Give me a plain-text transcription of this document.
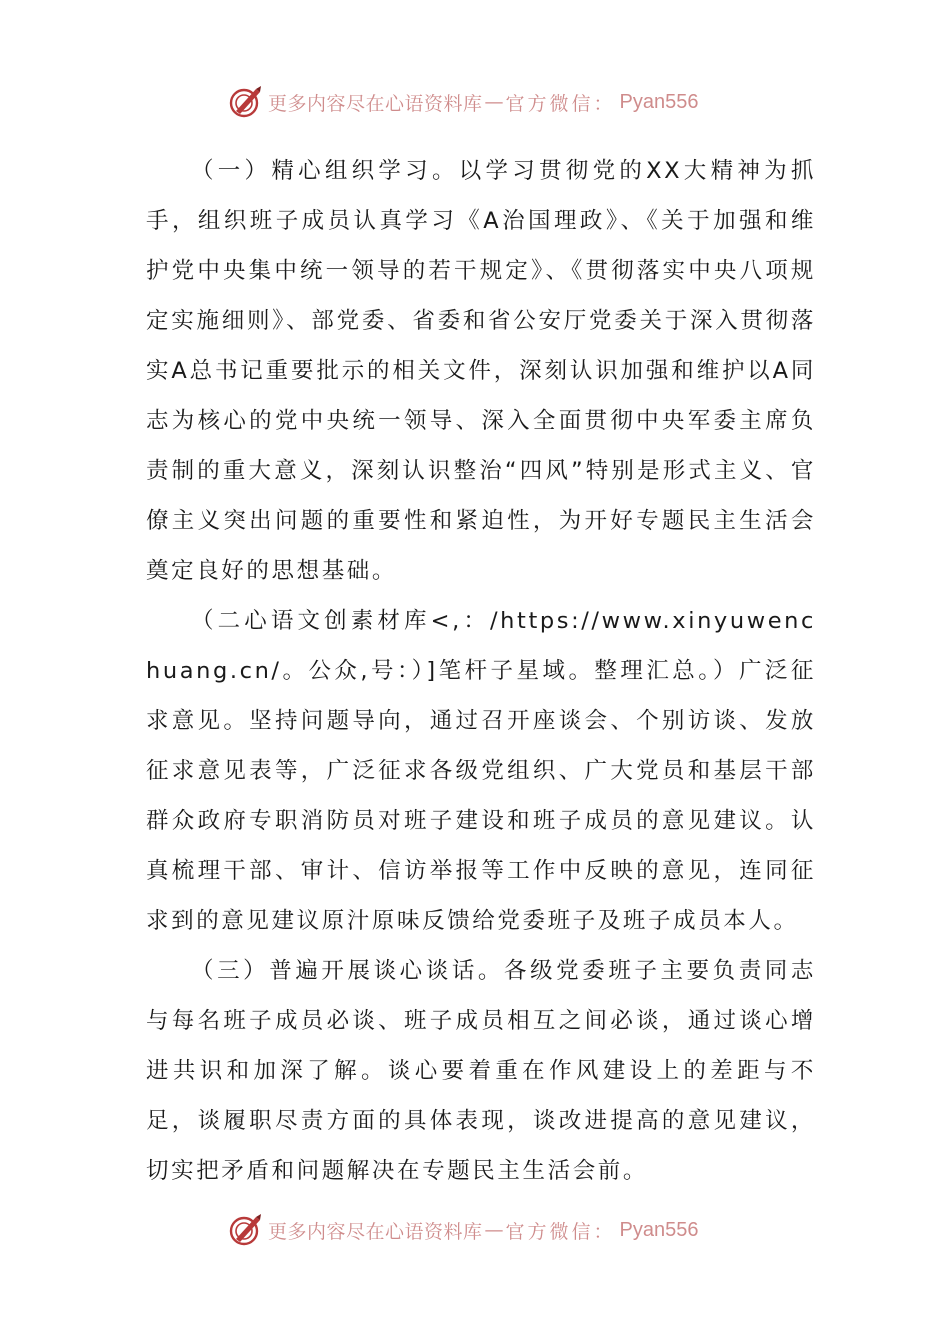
更多内容尽在心语资料库 — 官方微信： Pyan556

（一）精心组织学习。以学习贯彻党的XX大精神为抓手，组织班子成员认真学习《A治国理政》、《关于加强和维护党中央集中统一领导的若干规定》、《贯彻落实中央八项规定实施细则》、部党委、省委和省公安厅党委关于深入贯彻落实A总书记重要批示的相关文件，深刻认识加强和维护以A同志为核心的党中央统一领导、深入全面贯彻中央军委主席负责制的重大意义，深刻认识整治“四风”特别是形式主义、官僚主义突出问题的重要性和紧迫性，为开好专题民主生活会奠定良好的思想基础。

（二心语文创素材库<,：/https://www.xinyuwenchuang.cn/。公众,号：）]笔杆子星域。整理汇总。）广泛征求意见。坚持问题导向，通过召开座谈会、个别访谈、发放征求意见表等，广泛征求各级党组织、广大党员和基层干部群众政府专职消防员对班子建设和班子成员的意见建议。认真梳理干部、审计、信访举报等工作中反映的意见，连同征求到的意见建议原汁原味反馈给党委班子及班子成员本人。

（三）普遍开展谈心谈话。各级党委班子主要负责同志与每名班子成员必谈、班子成员相互之间必谈，通过谈心增进共识和加深了解。谈心要着重在作风建设上的差距与不足，谈履职尽责方面的具体表现，谈改进提高的意见建议，切实把矛盾和问题解决在专题民主生活会前。

更多内容尽在心语资料库 — 官方微信： Pyan556
